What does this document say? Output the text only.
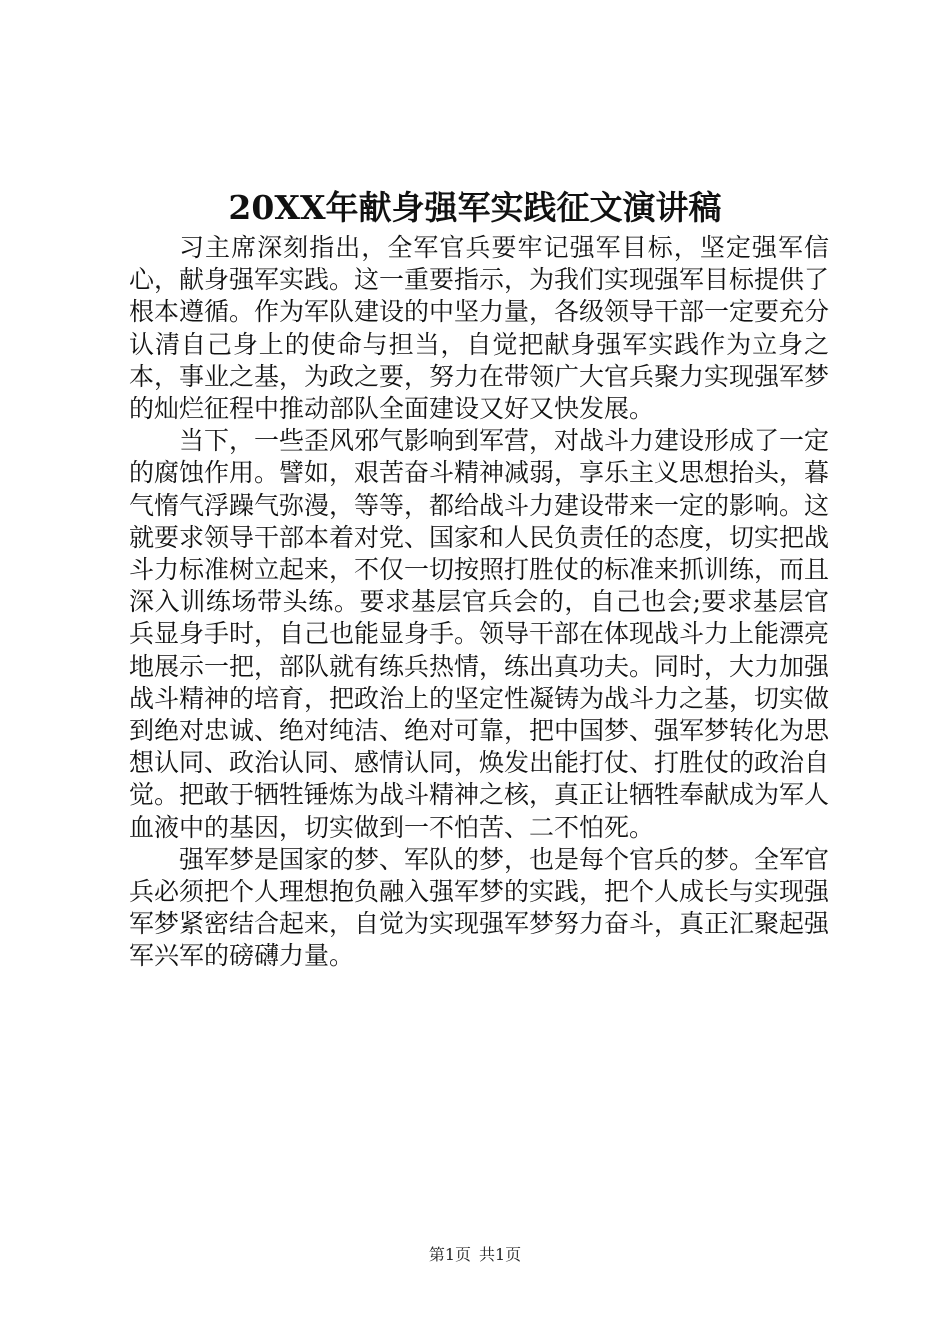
20XX年献身强军实践征文演讲稿

习主席深刻指出，全军官兵要牢记强军目标，坚定强军信心，献身强军实践。这一重要指示，为我们实现强军目标提供了根本遵循。作为军队建设的中坚力量，各级领导干部一定要充分认清自己身上的使命与担当，自觉把献身强军实践作为立身之本，事业之基，为政之要，努力在带领广大官兵聚力实现强军梦的灿烂征程中推动部队全面建设又好又快发展。

当下，一些歪风邪气影响到军营，对战斗力建设形成了一定的腐蚀作用。譬如，艰苦奋斗精神减弱，享乐主义思想抬头，暮气惰气浮躁气弥漫，等等，都给战斗力建设带来一定的影响。这就要求领导干部本着对党、国家和人民负责任的态度，切实把战斗力标准树立起来，不仅一切按照打胜仗的标准来抓训练，而且深入训练场带头练。要求基层官兵会的，自己也会;要求基层官兵显身手时，自己也能显身手。领导干部在体现战斗力上能漂亮地展示一把，部队就有练兵热情，练出真功夫。同时，大力加强战斗精神的培育，把政治上的坚定性凝铸为战斗力之基，切实做到绝对忠诚、绝对纯洁、绝对可靠，把中国梦、强军梦转化为思想认同、政治认同、感情认同，焕发出能打仗、打胜仗的政治自觉。把敢于牺牲锤炼为战斗精神之核，真正让牺牲奉献成为军人血液中的基因，切实做到一不怕苦、二不怕死。

强军梦是国家的梦、军队的梦，也是每个官兵的梦。全军官兵必须把个人理想抱负融入强军梦的实践，把个人成长与实现强军梦紧密结合起来，自觉为实现强军梦努力奋斗，真正汇聚起强军兴军的磅礴力量。

第1页 共1页
